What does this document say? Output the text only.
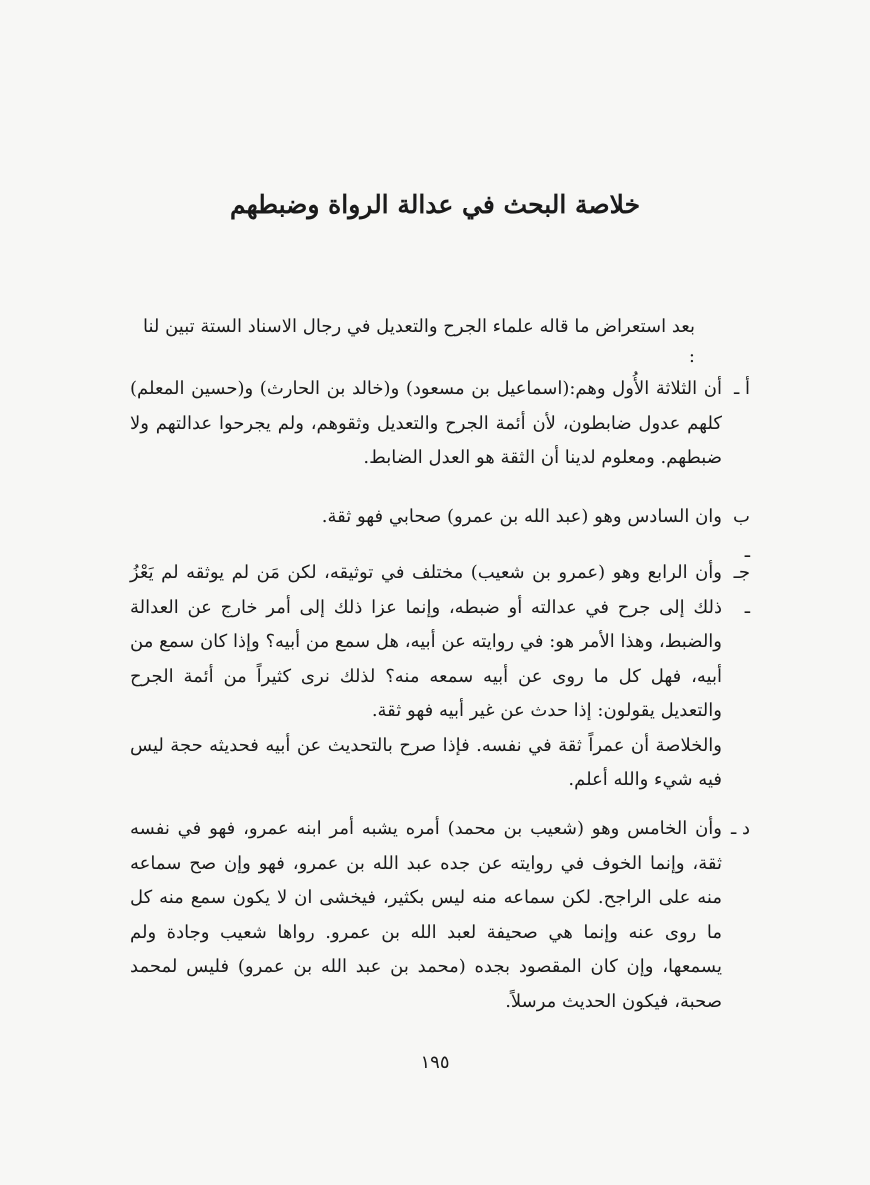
خلاصة البحث في عدالة الرواة وضبطهم
بعد استعراض ما قاله علماء الجرح والتعديل في رجال الاسناد الستة تبين لنا :
أ ـ

أن الثلاثة الأُول وهم:(اسماعيل بن مسعود) و(خالد بن الحارث) و(حسين المعلم) كلهم عدول ضابطون، لأن أئمة الجرح والتعديل وثقوهم، ولم يجرحوا عدالتهم ولا ضبطهم. ومعلوم لدينا أن الثقة هو العدل الضابط.

ب ـ

وان السادس وهو (عبد الله بن عمرو) صحابي فهو ثقة.

جـ ـ

وأن الرابع وهو (عمرو بن شعيب) مختلف في توثيقه، لكن مَن لم يوثقه لم يَعْزُ ذلك إلى جرح في عدالته أو ضبطه، وإنما عزا ذلك إلى أمر خارج عن العدالة والضبط، وهذا الأمر هو: في روايته عن أبيه، هل سمع من أبيه؟ وإذا كان سمع من أبيه، فهل كل ما روى عن أبيه سمعه منه؟ لذلك نرى كثيراً من أئمة الجرح والتعديل يقولون: إذا حدث عن غير أبيه فهو ثقة.

والخلاصة أن عمراً ثقة في نفسه. فإذا صرح بالتحديث عن أبيه فحديثه حجة ليس فيه شيء والله أعلم.

د ـ

وأن الخامس وهو (شعيب بن محمد) أمره يشبه أمر ابنه عمرو، فهو في نفسه ثقة، وإنما الخوف في روايته عن جده عبد الله بن عمرو، فهو وإن صح سماعه منه على الراجح. لكن سماعه منه ليس بكثير، فيخشى ان لا يكون سمع منه كل ما روى عنه وإنما هي صحيفة لعبد الله بن عمرو. رواها شعيب وجادة ولم يسمعها، وإن كان المقصود بجده (محمد بن عبد الله بن عمرو) فليس لمحمد صحبة، فيكون الحديث مرسلاً.

١٩٥
